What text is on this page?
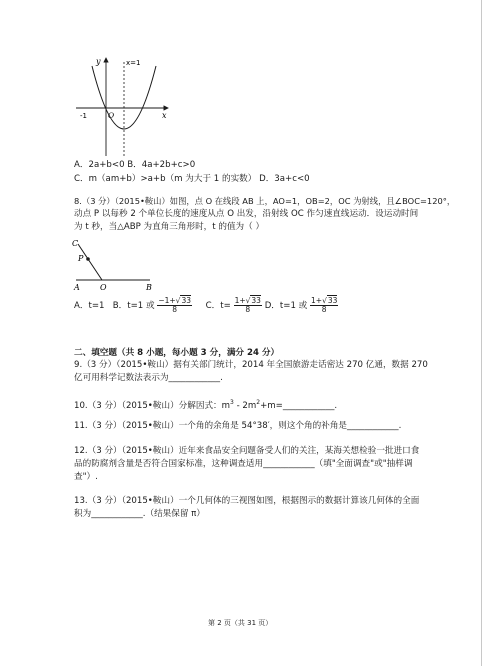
y
x
x=1
O
-1
A．2a+b<0 B．4a+2b+c>0
C．m（am+b）>a+b（m 为大于 1 的实数） D．3a+c<0
8.（3 分）（2015•鞍山）如图，点 O 在线段 AB 上，AO=1，OB=2，OC 为射线，且∠BOC=120°，
动点 P 以每秒 2 个单位长度的速度从点 O 出发，沿射线 OC 作匀速直线运动．设运动时间
为 t 秒，当△ABP 为直角三角形时，t 的值为（ ）
C
P
A	O	B
A．t=1 B．t=1 或 $\frac{-1+√33}{8}$ C．$t= \frac{1+√33}{8}$ D．t=1 或 $\frac{1+√33}{8}$
二、填空题（共 8 小题，每小题 3 分，满分 24 分）
9.（3 分）（2015•鞍山）据有关部门统计，2014 年全国旅游走话密达 270 亿通，数据 270
亿可用科学记数法表示为____________.
10.（3 分）（2015•鞍山）分解因式：$m^3$ - $2m^2+m=\_\_\_\_\_\_\_\_\_\_\_\_$.
11.（3 分）（2015•鞍山）一个角的余角是 54°38′，则这个角的补角是____________.
12.（3 分）（2015•鞍山）近年来食品安全问题备受人们的关注，某海关想检验一批进口食
品的防腐剂含量是否符合国家标准，这种调查适用____________（填"全面调查"或"抽样调
查"）.
13.（3 分）（2015•鞍山）一个几何体的三视图如图，根据图示的数据计算该几何体的全面
积为____________.（结果保留 π）
第 2 页（共 31 页）
